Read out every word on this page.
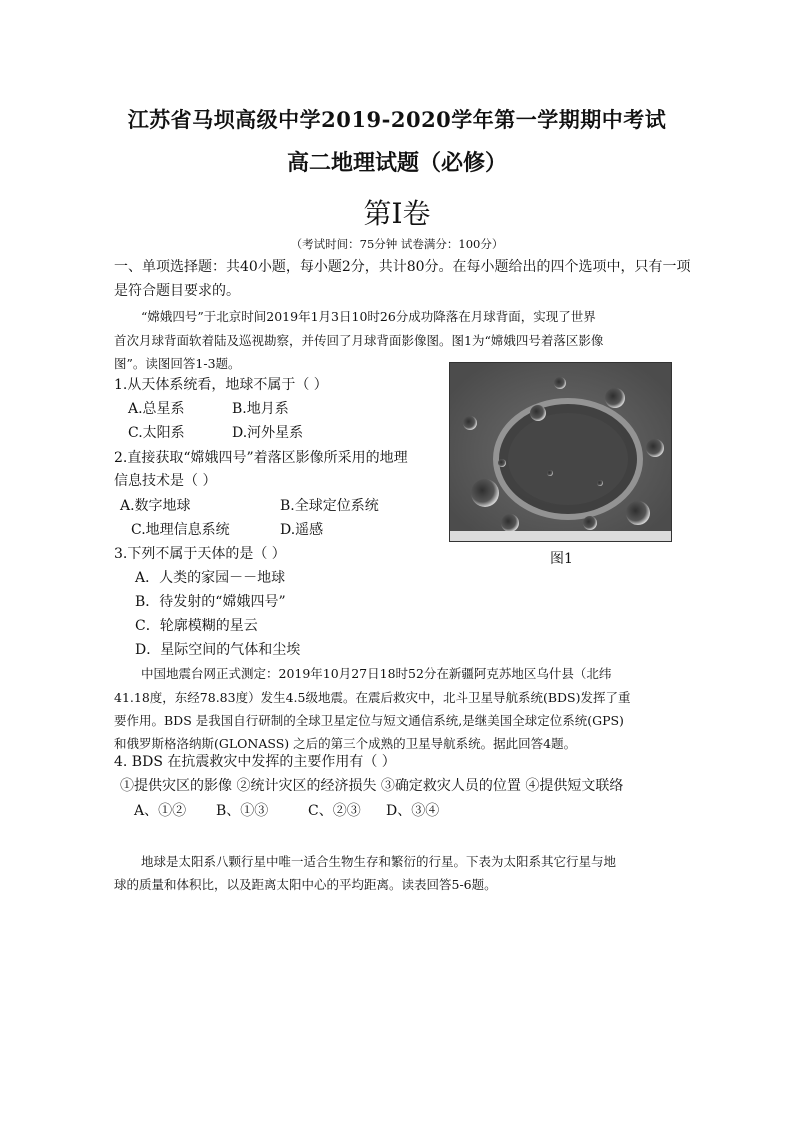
江苏省马坝高级中学2019-2020学年第一学期期中考试
高二地理试题（必修）
第Ⅰ卷
（考试时间：75分钟 试卷满分：100分）
一、单项选择题：共40小题，每小题2分，共计80分。在每小题给出的四个选项中，只有一项
是符合题目要求的。
“嫦娥四号”于北京时间2019年1月3日10时26分成功降落在月球背面，实现了世界
首次月球背面软着陆及巡视勘察，并传回了月球背面影像图。图1为“嫦娥四号着落区影像
图”。读图回答1-3题。
图1
1.从天体系统看，地球不属于（ ）
A.总星系	B.地月系
C.太阳系	D.河外星系
2.直接获取“嫦娥四号”着落区影像所采用的地理
信息技术是（ ）
A.数字地球	B.全球定位系统
C.地理信息系统	D.遥感
3.下列不属于天体的是（ ）
A．人类的家园－－地球
B．待发射的“嫦娥四号”
C．轮廓模糊的星云
D．星际空间的气体和尘埃
中国地震台网正式测定：2019年10月27日18时52分在新疆阿克苏地区乌什县（北纬
41.18度，东经78.83度）发生4.5级地震。在震后救灾中，北斗卫星导航系统(BDS)发挥了重
要作用。BDS 是我国自行研制的全球卫星定位与短文通信系统,是继美国全球定位系统(GPS)
和俄罗斯格洛纳斯(GLONASS) 之后的第三个成熟的卫星导航系统。据此回答4题。
4. BDS 在抗震救灾中发挥的主要作用有（ ）
①提供灾区的影像 ②统计灾区的经济损失 ③确定救灾人员的位置 ④提供短文联络
A、①② B、①③	C、②③ D、③④
地球是太阳系八颗行星中唯一适合生物生存和繁衍的行星。下表为太阳系其它行星与地
球的质量和体积比，以及距离太阳中心的平均距离。读表回答5-6题。
